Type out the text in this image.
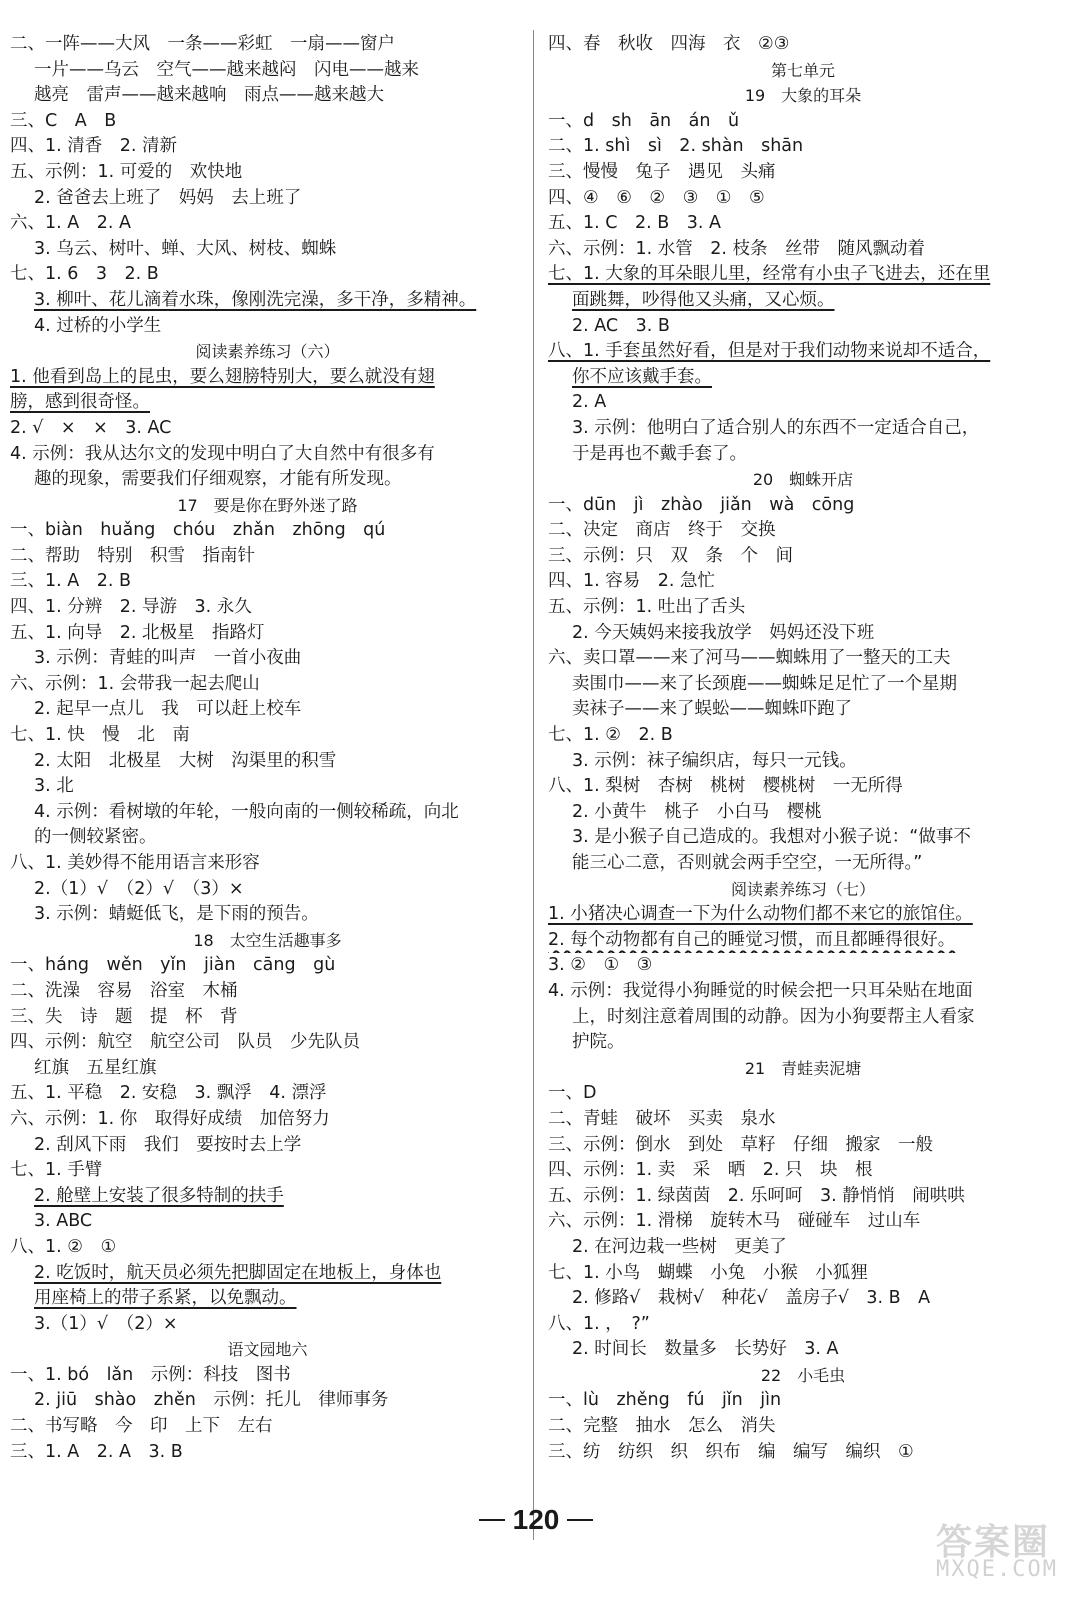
二、一阵——大风　一条——彩虹　一扇——窗户
一片——乌云　空气——越来越闷　闪电——越来
越亮　雷声——越来越响　雨点——越来越大
三、C　A　B
四、1. 清香　2. 清新
五、示例：1. 可爱的　欢快地
2. 爸爸去上班了　妈妈　去上班了
六、1. A　2. A
3. 乌云、树叶、蝉、大风、树枝、蜘蛛
七、1. 6　3　2. B
3. 柳叶、花儿滴着水珠，像刚洗完澡，多干净，多精神。
4. 过桥的小学生
阅读素养练习（六）
1. 他看到岛上的昆虫，要么翅膀特别大，要么就没有翅
膀，感到很奇怪。
2. √　×　×　3. AC
4. 示例：我从达尔文的发现中明白了大自然中有很多有
趣的现象，需要我们仔细观察，才能有所发现。
17　要是你在野外迷了路
一、biàn　huǎng　chóu　zhǎn　zhōng　qú
二、帮助　特别　积雪　指南针
三、1. A　2. B
四、1. 分辨　2. 导游　3. 永久
五、1. 向导　2. 北极星　指路灯
3. 示例：青蛙的叫声　一首小夜曲
六、示例：1. 会带我一起去爬山
2. 起早一点儿　我　可以赶上校车
七、1. 快　慢　北　南
2. 太阳　北极星　大树　沟渠里的积雪
3. 北
4. 示例：看树墩的年轮，一般向南的一侧较稀疏，向北
的一侧较紧密。
八、1. 美妙得不能用语言来形容
2.（1）√　（2）√　（3）×
3. 示例：蜻蜓低飞，是下雨的预告。
18　太空生活趣事多
一、háng　wěn　yǐn　jiàn　cāng　gù
二、洗澡　容易　浴室　木桶
三、失　诗　题　提　杯　背
四、示例：航空　航空公司　队员　少先队员
红旗　五星红旗
五、1. 平稳　2. 安稳　3. 飘浮　4. 漂浮
六、示例：1. 你　取得好成绩　加倍努力
2. 刮风下雨　我们　要按时去上学
七、1. 手臂
2. 舱壁上安装了很多特制的扶手
3. ABC
八、1. ②　①
2. 吃饭时，航天员必须先把脚固定在地板上，身体也
用座椅上的带子系紧，以免飘动。
3.（1）√　（2）×
语文园地六
一、1. bó　lǎn　示例：科技　图书
2. jiū　shào　zhěn　示例：托儿　律师事务
二、书写略　今　印　上下　左右
三、1. A　2. A　3. B
四、春　秋收　四海　衣　②③
第七单元
19　大象的耳朵
一、d　sh　ān　án　ǔ
二、1. shì　sì　2. shàn　shān
三、慢慢　兔子　遇见　头痛
四、④　⑥　②　③　①　⑤
五、1. C　2. B　3. A
六、示例：1. 水管　2. 枝条　丝带　随风飘动着
七、1. 大象的耳朵眼儿里，经常有小虫子飞进去，还在里
面跳舞，吵得他又头痛，又心烦。
2. AC　3. B
八、1. 手套虽然好看，但是对于我们动物来说却不适合，
你不应该戴手套。
2. A
3. 示例：他明白了适合别人的东西不一定适合自己，
于是再也不戴手套了。
20　蜘蛛开店
一、dūn　jì　zhào　jiǎn　wà　cōng
二、决定　商店　终于　交换
三、示例：只　双　条　个　间
四、1. 容易　2. 急忙
五、示例：1. 吐出了舌头
2. 今天姨妈来接我放学　妈妈还没下班
六、卖口罩——来了河马——蜘蛛用了一整天的工夫
卖围巾——来了长颈鹿——蜘蛛足足忙了一个星期
卖袜子——来了蜈蚣——蜘蛛吓跑了
七、1. ②　2. B
3. 示例：袜子编织店，每只一元钱。
八、1. 梨树　杏树　桃树　樱桃树　一无所得
2. 小黄牛　桃子　小白马　樱桃
3. 是小猴子自己造成的。我想对小猴子说：“做事不
能三心二意，否则就会两手空空，一无所得。”
阅读素养练习（七）
1. 小猪决心调查一下为什么动物们都不来它的旅馆住。
2. 每个动物都有自己的睡觉习惯，而且都睡得很好。
3. ②　①　③
4. 示例：我觉得小狗睡觉的时候会把一只耳朵贴在地面
上，时刻注意着周围的动静。因为小狗要帮主人看家
护院。
21　青蛙卖泥塘
一、D
二、青蛙　破坏　买卖　泉水
三、示例：倒水　到处　草籽　仔细　搬家　一般
四、示例：1. 卖　采　晒　2. 只　块　根
五、示例：1. 绿茵茵　2. 乐呵呵　3. 静悄悄　闹哄哄
六、示例：1. 滑梯　旋转木马　碰碰车　过山车
2. 在河边栽一些树　更美了
七、1. 小鸟　蝴蝶　小兔　小猴　小狐狸
2. 修路√　栽树√　种花√　盖房子√　3. B　A
八、1. ，　?”
2. 时间长　数量多　长势好　3. A
22　小毛虫
一、lù　zhěng　fú　jǐn　jìn
二、完整　抽水　怎么　消失
三、纺　纺织　织　织布　编　编写　编织　①
120
答案圈
MXQE.COM
